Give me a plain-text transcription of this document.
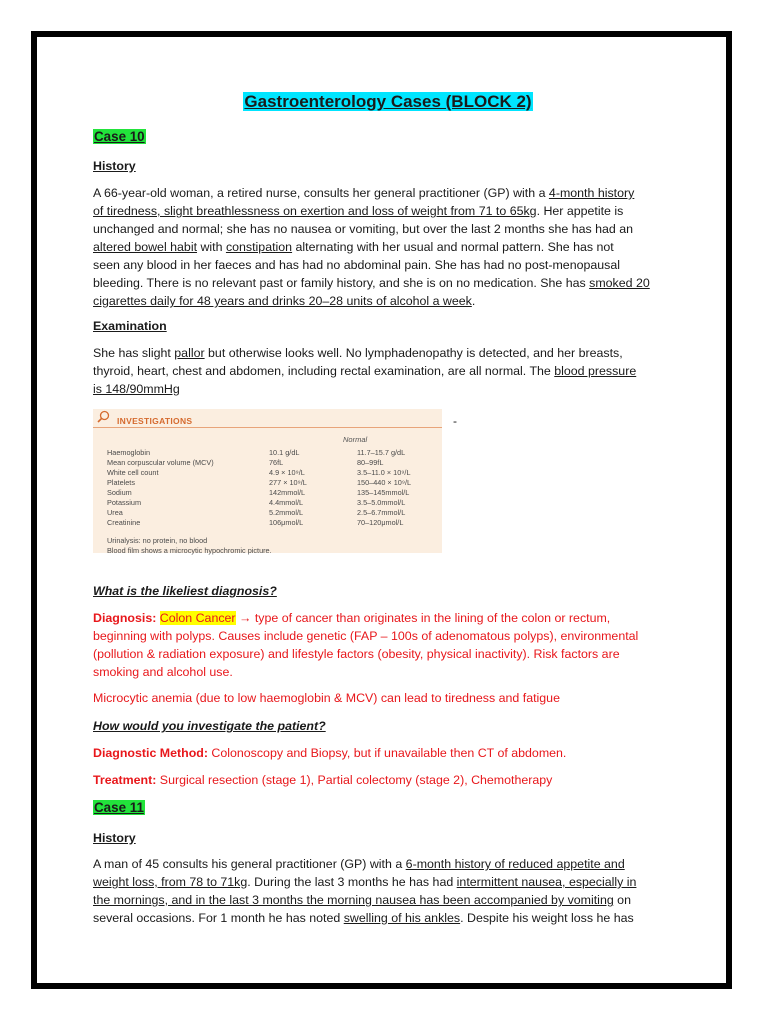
Gastroenterology Cases (BLOCK 2)
Case 10
History
A 66-year-old woman, a retired nurse, consults her general practitioner (GP) with a 4-month history
of tiredness, slight breathlessness on exertion and loss of weight from 71 to 65kg. Her appetite is
unchanged and normal; she has no nausea or vomiting, but over the last 2 months she has had an
altered bowel habit with constipation alternating with her usual and normal pattern. She has not
seen any blood in her faeces and has had no abdominal pain. She has had no post-menopausal
bleeding. There is no relevant past or family history, and she is on no medication. She has smoked 20
cigarettes daily for 48 years and drinks 20–28 units of alcohol a week.
Examination
She has slight pallor but otherwise looks well. No lymphadenopathy is detected, and her breasts,
thyroid, heart, chest and abdomen, including rectal examination, are all normal. The blood pressure
is 148/90mmHg
INVESTIGATIONS
Normal
Haemoglobin	10.1 g/dL	11.7–15.7 g/dL
Mean corpuscular volume (MCV)	76fL	80–99fL
White cell count	4.9 × 10⁹/L	3.5–11.0 × 10⁹/L
Platelets	277 × 10⁹/L	150–440 × 10⁹/L
Sodium	142mmol/L	135–145mmol/L
Potassium	4.4mmol/L	3.5–5.0mmol/L
Urea	5.2mmol/L	2.5–6.7mmol/L
Creatinine	106μmol/L	70–120μmol/L
Urinalysis: no protein, no blood
Blood film shows a microcytic hypochromic picture.
-
What is the likeliest diagnosis?
Diagnosis: Colon Cancer → type of cancer than originates in the lining of the colon or rectum,
beginning with polyps. Causes include genetic (FAP – 100s of adenomatous polyps), environmental
(pollution & radiation exposure) and lifestyle factors (obesity, physical inactivity). Risk factors are
smoking and alcohol use.
Microcytic anemia (due to low haemoglobin & MCV) can lead to tiredness and fatigue
How would you investigate the patient?
Diagnostic Method: Colonoscopy and Biopsy, but if unavailable then CT of abdomen.
Treatment: Surgical resection (stage 1), Partial colectomy (stage 2), Chemotherapy
Case 11
History
A man of 45 consults his general practitioner (GP) with a 6-month history of reduced appetite and
weight loss, from 78 to 71kg. During the last 3 months he has had intermittent nausea, especially in
the mornings, and in the last 3 months the morning nausea has been accompanied by vomiting on
several occasions. For 1 month he has noted swelling of his ankles. Despite his weight loss he has
